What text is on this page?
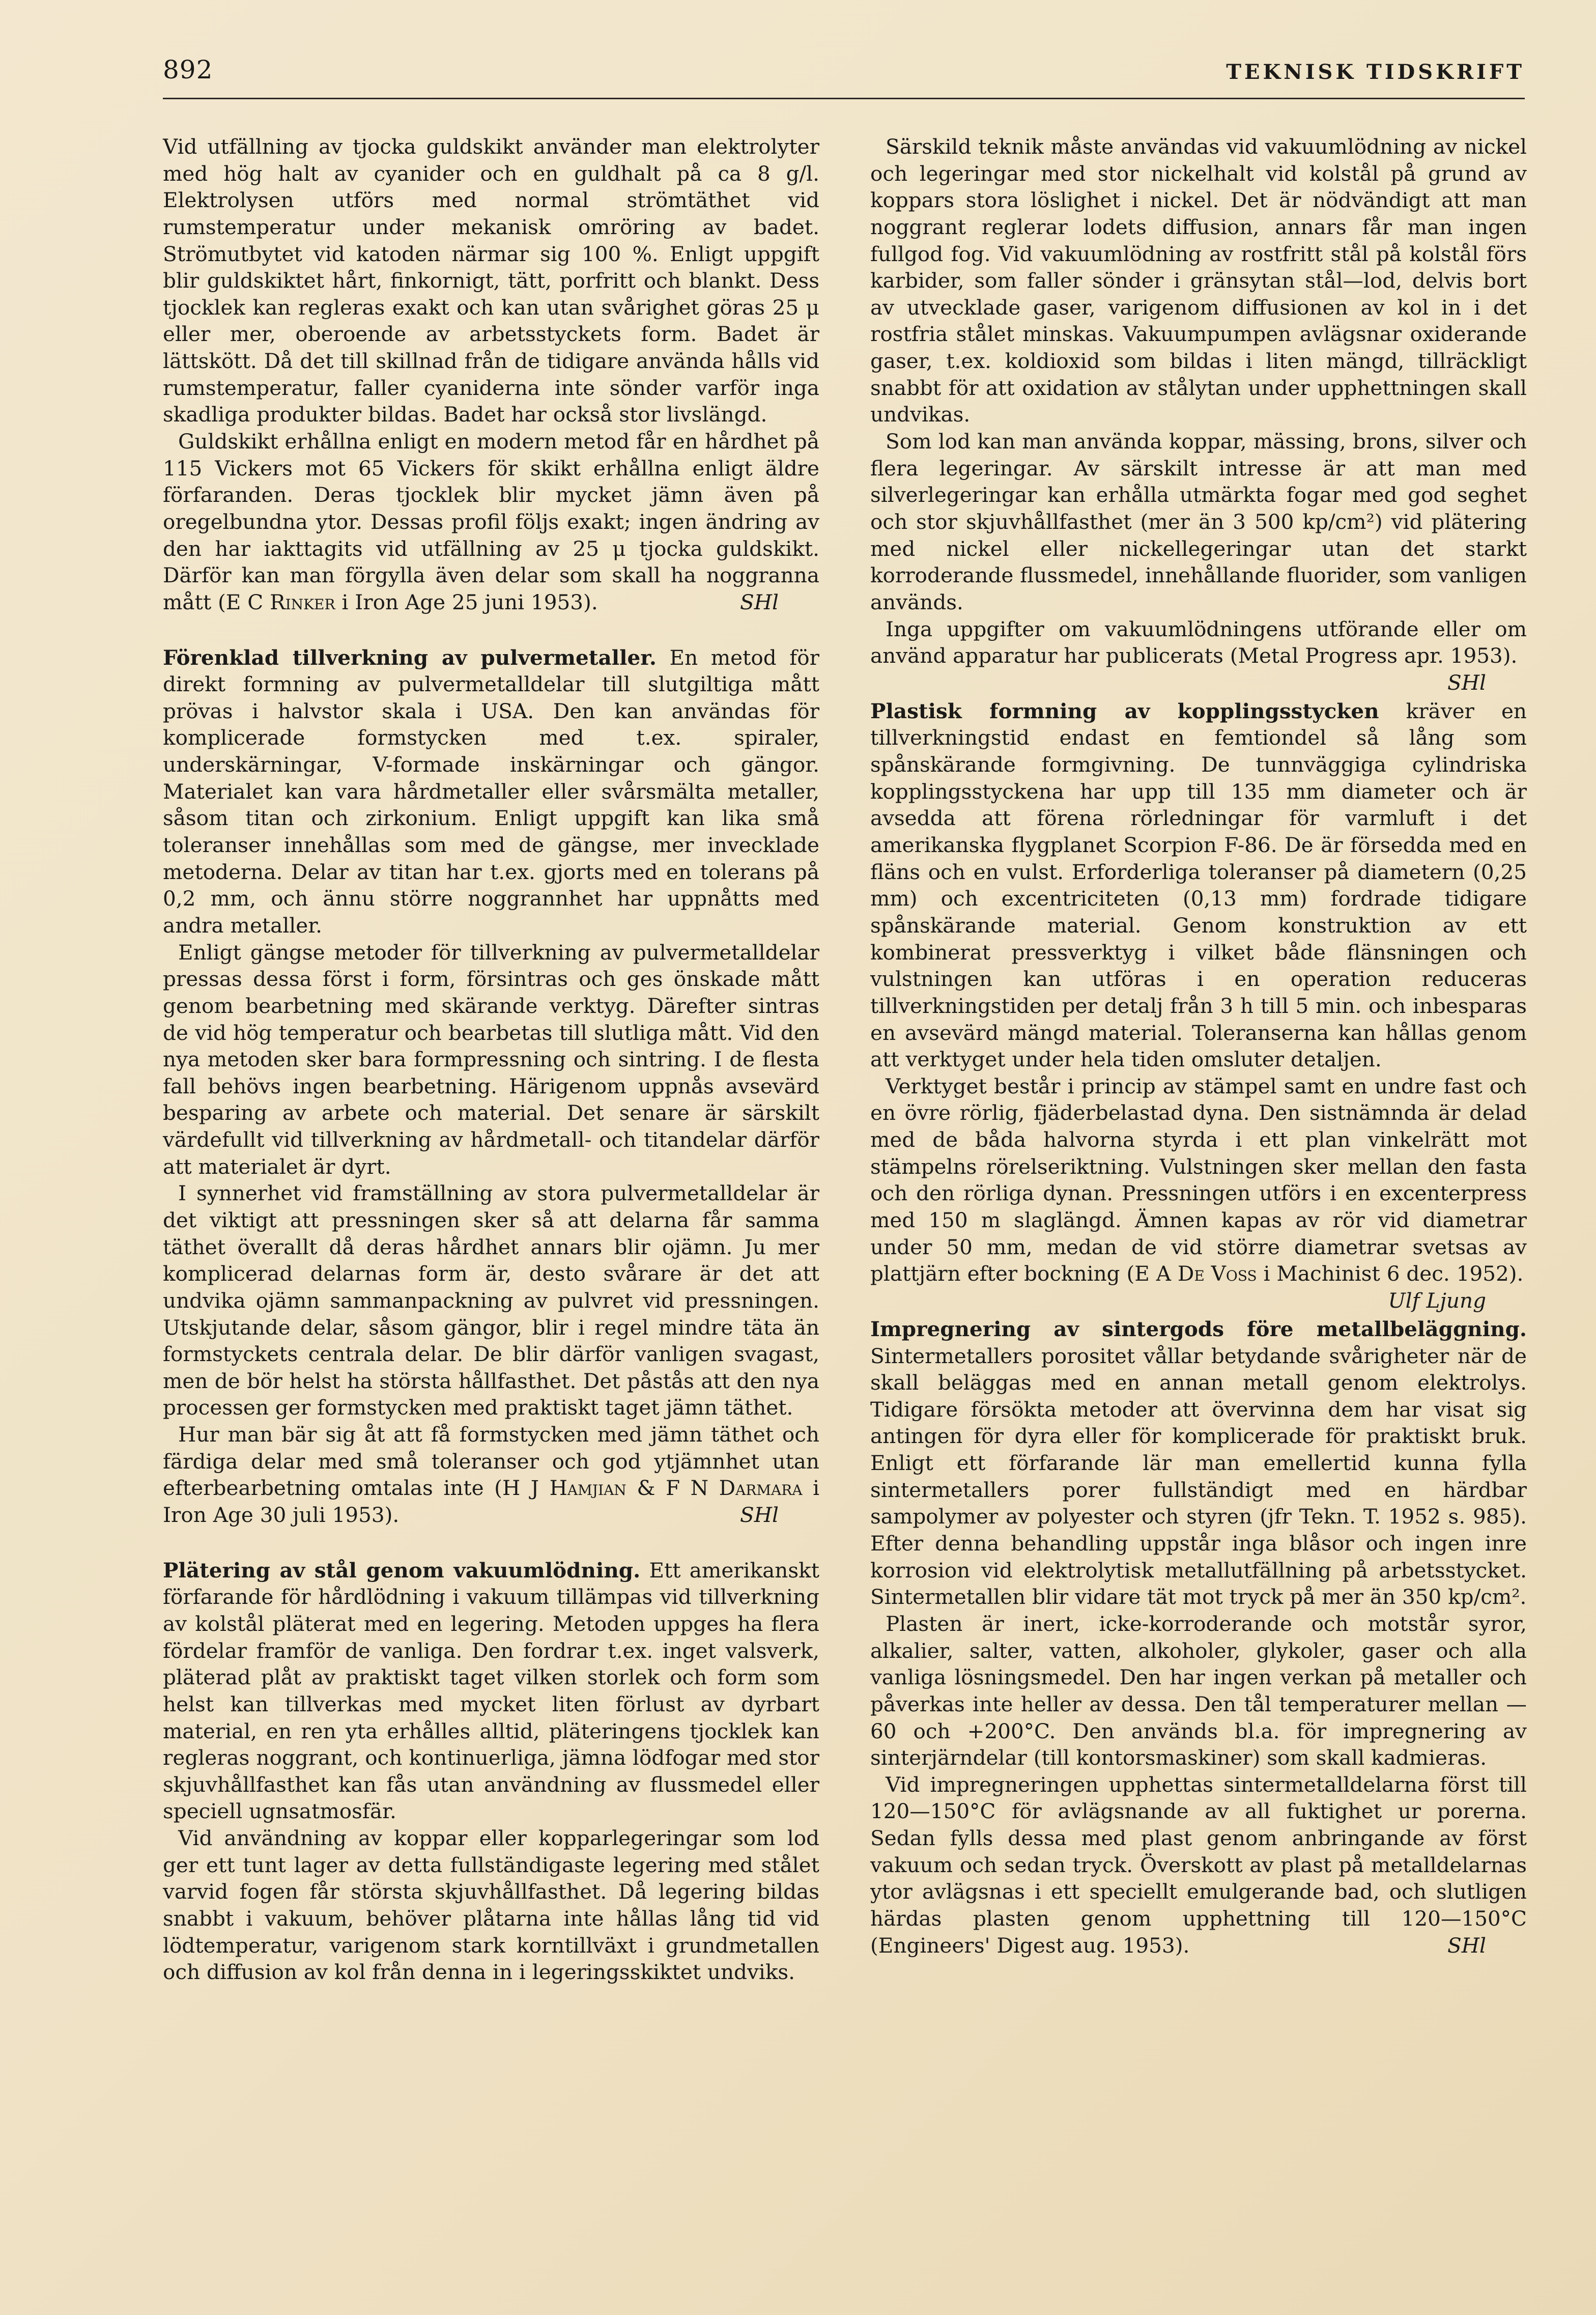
892	TEKNISK TIDSKRIFT

Vid utfällning av tjocka guldskikt använder man elektrolyter med hög halt av cyanider och en guldhalt på ca 8 g/l. Elektrolysen utförs med normal strömtäthet vid rumstemperatur under mekanisk omröring av badet. Strömutbytet vid katoden närmar sig 100 %. Enligt uppgift blir guldskiktet hårt, finkornigt, tätt, porfritt och blankt. Dess tjocklek kan regleras exakt och kan utan svårighet göras 25 μ eller mer, oberoende av arbetsstyckets form. Badet är lättskött. Då det till skillnad från de tidigare använda hålls vid rumstemperatur, faller cyaniderna inte sönder varför inga skadliga produkter bildas. Badet har också stor livslängd.

Guldskikt erhållna enligt en modern metod får en hårdhet på 115 Vickers mot 65 Vickers för skikt erhållna enligt äldre förfaranden. Deras tjocklek blir mycket jämn även på oregelbundna ytor. Dessas profil följs exakt; ingen ändring av den har iakttagits vid utfällning av 25 μ tjocka guldskikt. Därför kan man förgylla även delar som skall ha noggranna mått (E C Rinker i Iron Age 25 juni 1953).	SHl

Förenklad tillverkning av pulvermetaller. En metod för direkt formning av pulvermetalldelar till slutgiltiga mått prövas i halvstor skala i USA. Den kan användas för komplicerade formstycken med t.ex. spiraler, underskärningar, V-formade inskärningar och gängor. Materialet kan vara hårdmetaller eller svårsmälta metaller, såsom titan och zirkonium. Enligt uppgift kan lika små toleranser innehållas som med de gängse, mer invecklade metoderna. Delar av titan har t.ex. gjorts med en tolerans på 0,2 mm, och ännu större noggrannhet har uppnåtts med andra metaller.

Enligt gängse metoder för tillverkning av pulvermetalldelar pressas dessa först i form, försintras och ges önskade mått genom bearbetning med skärande verktyg. Därefter sintras de vid hög temperatur och bearbetas till slutliga mått. Vid den nya metoden sker bara formpressning och sintring. I de flesta fall behövs ingen bearbetning. Härigenom uppnås avsevärd besparing av arbete och material. Det senare är särskilt värdefullt vid tillverkning av hårdmetall- och titandelar därför att materialet är dyrt.

I synnerhet vid framställning av stora pulvermetalldelar är det viktigt att pressningen sker så att delarna får samma täthet överallt då deras hårdhet annars blir ojämn. Ju mer komplicerad delarnas form är, desto svårare är det att undvika ojämn sammanpackning av pulvret vid pressningen. Utskjutande delar, såsom gängor, blir i regel mindre täta än formstyckets centrala delar. De blir därför vanligen svagast, men de bör helst ha största hållfasthet. Det påstås att den nya processen ger formstycken med praktiskt taget jämn täthet.

Hur man bär sig åt att få formstycken med jämn täthet och färdiga delar med små toleranser och god ytjämnhet utan efterbearbetning omtalas inte (H J Hamjian & F N Darmara i Iron Age 30 juli 1953).	SHl

Plätering av stål genom vakuumlödning. Ett amerikanskt förfarande för hårdlödning i vakuum tillämpas vid tillverkning av kolstål pläterat med en legering. Metoden uppges ha flera fördelar framför de vanliga. Den fordrar t.ex. inget valsverk, pläterad plåt av praktiskt taget vilken storlek och form som helst kan tillverkas med mycket liten förlust av dyrbart material, en ren yta erhålles alltid, pläteringens tjocklek kan regleras noggrant, och kontinuerliga, jämna lödfogar med stor skjuvhållfasthet kan fås utan användning av flussmedel eller speciell ugnsatmosfär.

Vid användning av koppar eller kopparlegeringar som lod ger ett tunt lager av detta fullständigaste legering med stålet varvid fogen får största skjuvhållfasthet. Då legering bildas snabbt i vakuum, behöver plåtarna inte hållas lång tid vid lödtemperatur, varigenom stark korntillväxt i grundmetallen och diffusion av kol från denna in i legeringsskiktet undviks.

Särskild teknik måste användas vid vakuumlödning av nickel och legeringar med stor nickelhalt vid kolstål på grund av koppars stora löslighet i nickel. Det är nödvändigt att man noggrant reglerar lodets diffusion, annars får man ingen fullgod fog. Vid vakuumlödning av rostfritt stål på kolstål förs karbider, som faller sönder i gränsytan stål—lod, delvis bort av utvecklade gaser, varigenom diffusionen av kol in i det rostfria stålet minskas. Vakuumpumpen avlägsnar oxiderande gaser, t.ex. koldioxid som bildas i liten mängd, tillräckligt snabbt för att oxidation av stålytan under upphettningen skall undvikas.

Som lod kan man använda koppar, mässing, brons, silver och flera legeringar. Av särskilt intresse är att man med silverlegeringar kan erhålla utmärkta fogar med god seghet och stor skjuvhållfasthet (mer än 3 500 kp/cm²) vid plätering med nickel eller nickellegeringar utan det starkt korroderande flussmedel, innehållande fluorider, som vanligen används.

Inga uppgifter om vakuumlödningens utförande eller om använd apparatur har publicerats (Metal Progress apr. 1953).
SHl

Plastisk formning av kopplingsstycken kräver en tillverkningstid endast en femtiondel så lång som spånskärande formgivning. De tunnväggiga cylindriska kopplingsstyckena har upp till 135 mm diameter och är avsedda att förena rörledningar för varmluft i det amerikanska flygplanet Scorpion F-86. De är försedda med en fläns och en vulst. Erforderliga toleranser på diametern (0,25 mm) och excentriciteten (0,13 mm) fordrade tidigare spånskärande material. Genom konstruktion av ett kombinerat pressverktyg i vilket både flänsningen och vulstningen kan utföras i en operation reduceras tillverkningstiden per detalj från 3 h till 5 min. och inbesparas en avsevärd mängd material. Toleranserna kan hållas genom att verktyget under hela tiden omsluter detaljen.

Verktyget består i princip av stämpel samt en undre fast och en övre rörlig, fjäderbelastad dyna. Den sistnämnda är delad med de båda halvorna styrda i ett plan vinkelrätt mot stämpelns rörelseriktning. Vulstningen sker mellan den fasta och den rörliga dynan. Pressningen utförs i en excenterpress med 150 m slaglängd. Ämnen kapas av rör vid diametrar under 50 mm, medan de vid större diametrar svetsas av plattjärn efter bockning (E A De Voss i Machinist 6 dec. 1952).
Ulf Ljung

Impregnering av sintergods före metallbeläggning. Sintermetallers porositet vållar betydande svårigheter när de skall beläggas med en annan metall genom elektrolys. Tidigare försökta metoder att övervinna dem har visat sig antingen för dyra eller för komplicerade för praktiskt bruk. Enligt ett förfarande lär man emellertid kunna fylla sintermetallers porer fullständigt med en härdbar sampolymer av polyester och styren (jfr Tekn. T. 1952 s. 985). Efter denna behandling uppstår inga blåsor och ingen inre korrosion vid elektrolytisk metallutfällning på arbetsstycket. Sintermetallen blir vidare tät mot tryck på mer än 350 kp/cm².

Plasten är inert, icke-korroderande och motstår syror, alkalier, salter, vatten, alkoholer, glykoler, gaser och alla vanliga lösningsmedel. Den har ingen verkan på metaller och påverkas inte heller av dessa. Den tål temperaturer mellan —60 och +200°C. Den används bl.a. för impregnering av sinterjärndelar (till kontorsmaskiner) som skall kadmieras.

Vid impregneringen upphettas sintermetalldelarna först till 120—150°C för avlägsnande av all fuktighet ur porerna. Sedan fylls dessa med plast genom anbringande av först vakuum och sedan tryck. Överskott av plast på metalldelarnas ytor avlägsnas i ett speciellt emulgerande bad, och slutligen härdas plasten genom upphettning till 120—150°C (Engineers' Digest aug. 1953).	SHl
